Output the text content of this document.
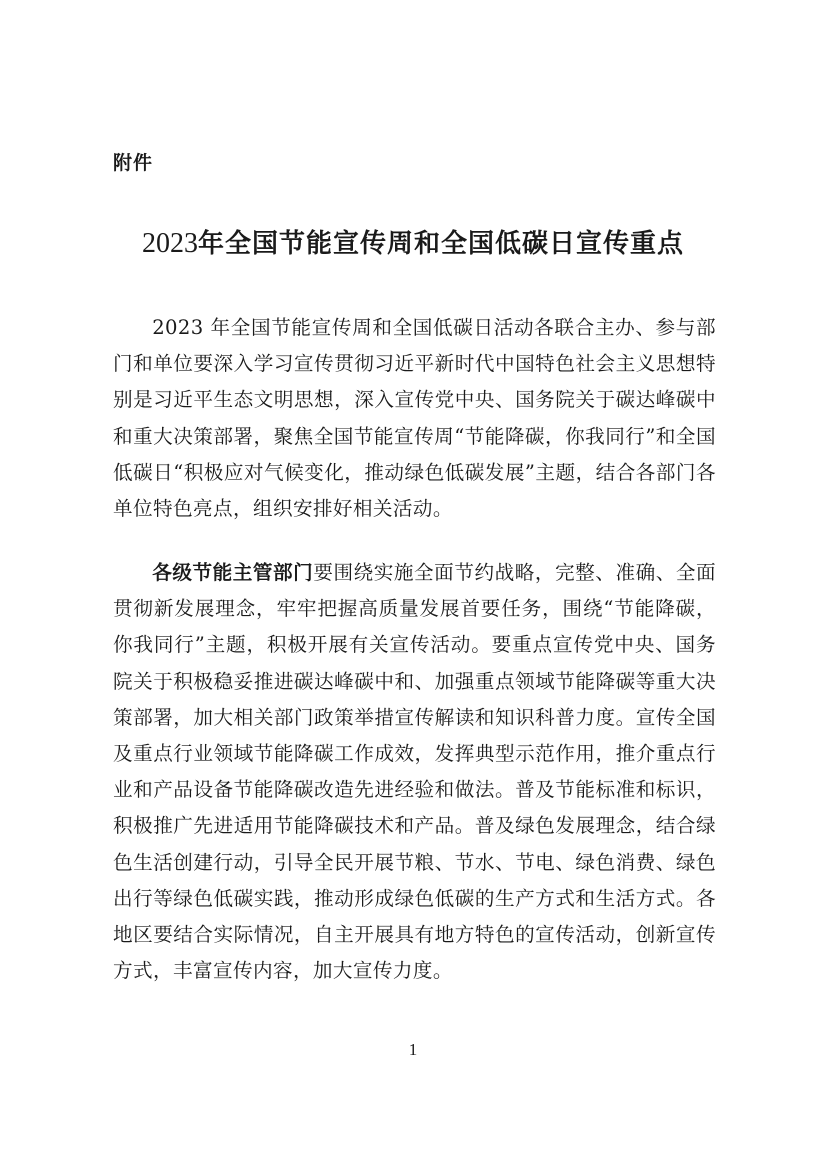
附件
2023年全国节能宣传周和全国低碳日宣传重点

2023 年全国节能宣传周和全国低碳日活动各联合主办、参与部门和单位要深入学习宣传贯彻习近平新时代中国特色社会主义思想特别是习近平生态文明思想，深入宣传党中央、国务院关于碳达峰碳中和重大决策部署，聚焦全国节能宣传周“节能降碳，你我同行”和全国低碳日“积极应对气候变化，推动绿色低碳发展”主题，结合各部门各单位特色亮点，组织安排好相关活动。

各级节能主管部门要围绕实施全面节约战略，完整、准确、全面贯彻新发展理念，牢牢把握高质量发展首要任务，围绕“节能降碳，你我同行”主题，积极开展有关宣传活动。要重点宣传党中央、国务院关于积极稳妥推进碳达峰碳中和、加强重点领域节能降碳等重大决策部署，加大相关部门政策举措宣传解读和知识科普力度。宣传全国及重点行业领域节能降碳工作成效，发挥典型示范作用，推介重点行业和产品设备节能降碳改造先进经验和做法。普及节能标准和标识，积极推广先进适用节能降碳技术和产品。普及绿色发展理念，结合绿色生活创建行动，引导全民开展节粮、节水、节电、绿色消费、绿色出行等绿色低碳实践，推动形成绿色低碳的生产方式和生活方式。各地区要结合实际情况，自主开展具有地方特色的宣传活动，创新宣传方式，丰富宣传内容，加大宣传力度。

1
